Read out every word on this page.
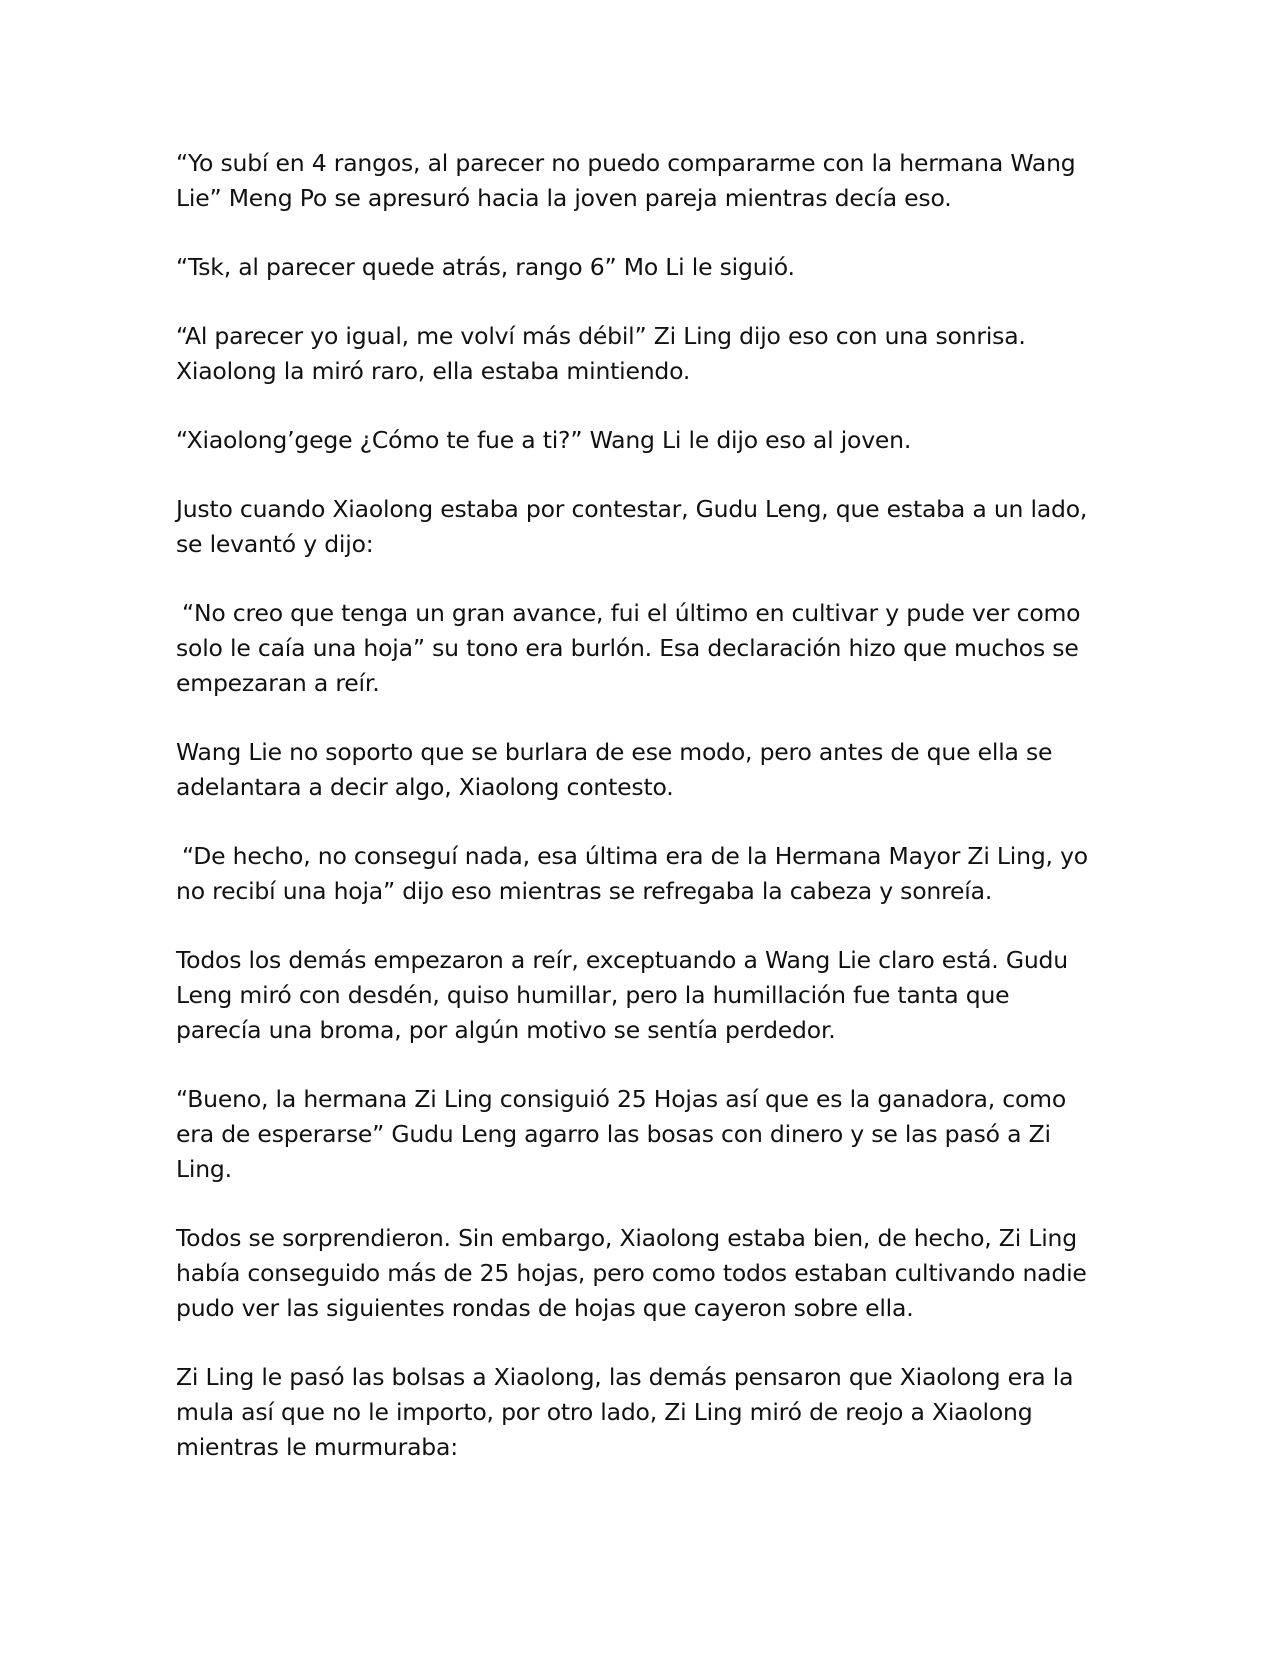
“Yo subí en 4 rangos, al parecer no puedo compararme con la hermana Wang Lie” Meng Po se apresuró hacia la joven pareja mientras decía eso.

“Tsk, al parecer quede atrás, rango 6” Mo Li le siguió.

“Al parecer yo igual, me volví más débil” Zi Ling dijo eso con una sonrisa. Xiaolong la miró raro, ella estaba mintiendo.

“Xiaolong’gege ¿Cómo te fue a ti?” Wang Li le dijo eso al joven.

Justo cuando Xiaolong estaba por contestar, Gudu Leng, que estaba a un lado, se levantó y dijo:

“No creo que tenga un gran avance, fui el último en cultivar y pude ver como solo le caía una hoja” su tono era burlón. Esa declaración hizo que muchos se empezaran a reír.

Wang Lie no soporto que se burlara de ese modo, pero antes de que ella se adelantara a decir algo, Xiaolong contesto.

“De hecho, no conseguí nada, esa última era de la Hermana Mayor Zi Ling, yo no recibí una hoja” dijo eso mientras se refregaba la cabeza y sonreía.

Todos los demás empezaron a reír, exceptuando a Wang Lie claro está. Gudu Leng miró con desdén, quiso humillar, pero la humillación fue tanta que parecía una broma, por algún motivo se sentía perdedor.

“Bueno, la hermana Zi Ling consiguió 25 Hojas así que es la ganadora, como era de esperarse” Gudu Leng agarro las bosas con dinero y se las pasó a Zi Ling.

Todos se sorprendieron. Sin embargo, Xiaolong estaba bien, de hecho, Zi Ling había conseguido más de 25 hojas, pero como todos estaban cultivando nadie pudo ver las siguientes rondas de hojas que cayeron sobre ella.

Zi Ling le pasó las bolsas a Xiaolong, las demás pensaron que Xiaolong era la mula así que no le importo, por otro lado, Zi Ling miró de reojo a Xiaolong mientras le murmuraba:
